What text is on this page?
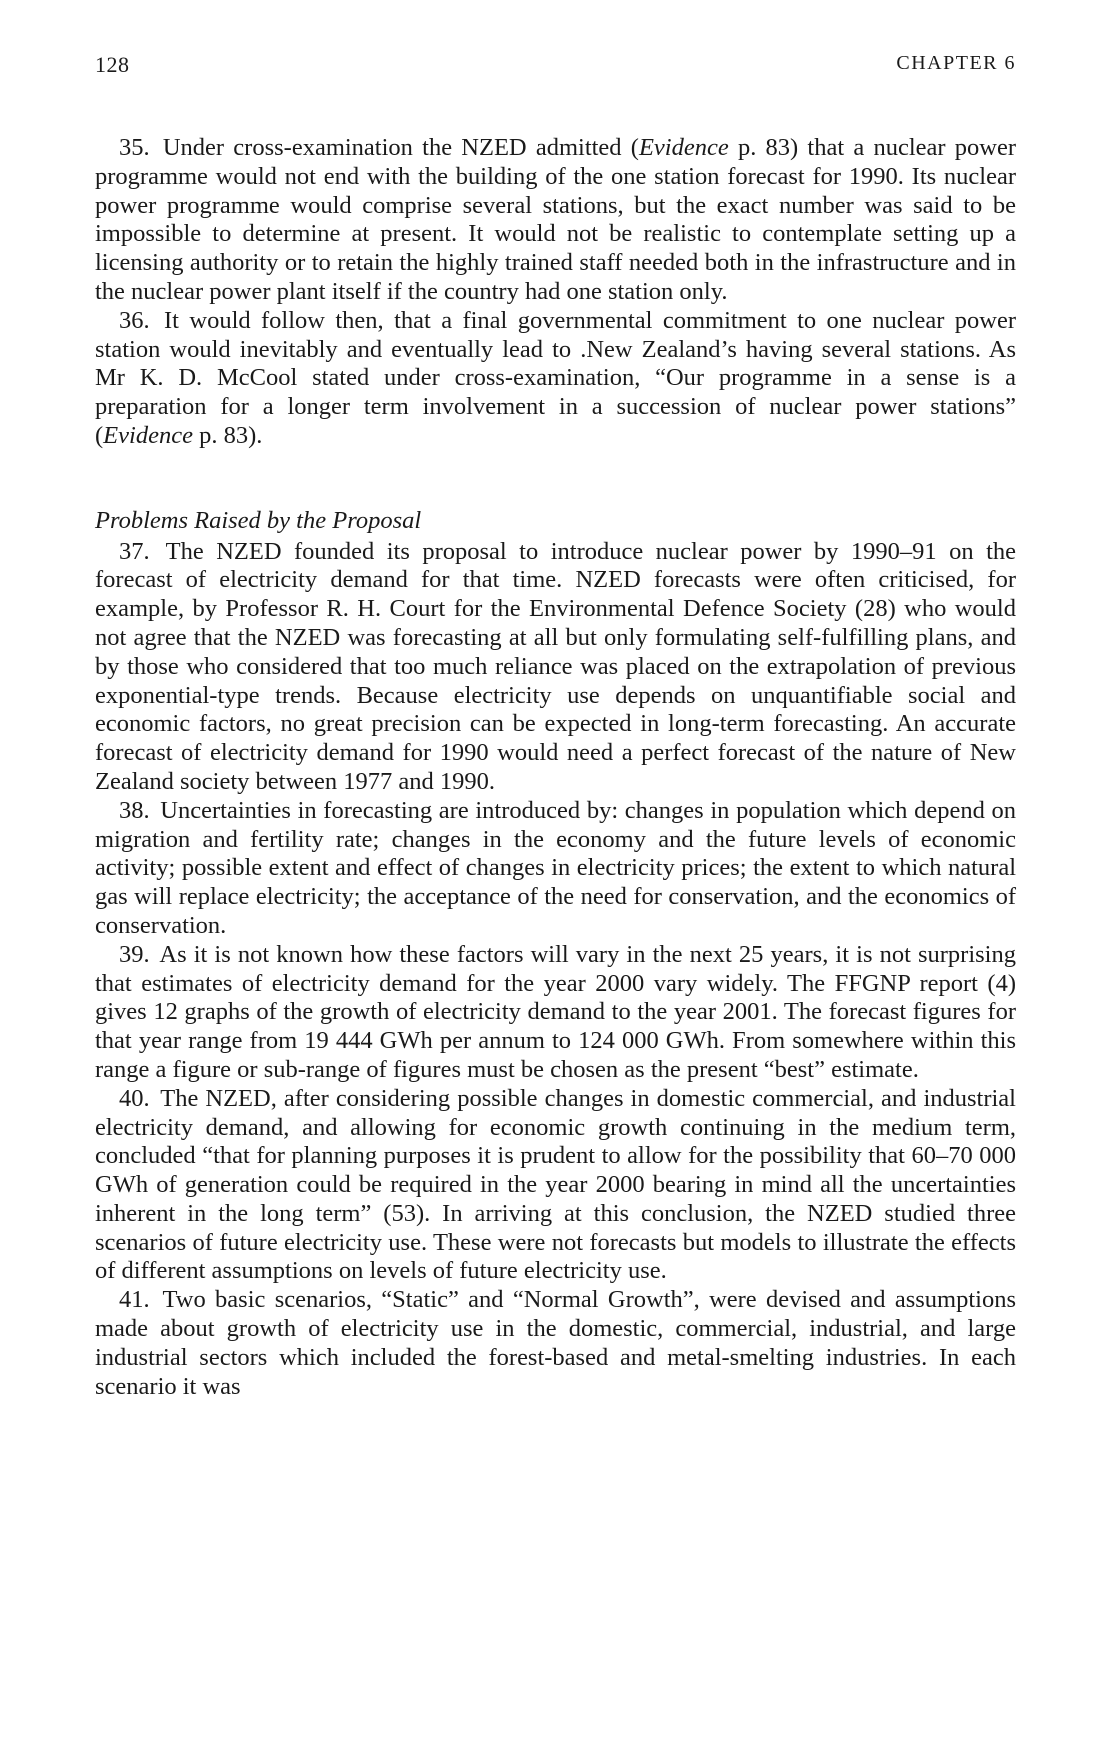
128	CHAPTER 6

35. Under cross-examination the NZED admitted (Evidence p. 83) that a nuclear power programme would not end with the building of the one station forecast for 1990. Its nuclear power programme would comprise several stations, but the exact number was said to be impossible to determine at present. It would not be realistic to contemplate setting up a licensing authority or to retain the highly trained staff needed both in the infrastructure and in the nuclear power plant itself if the country had one station only.

36. It would follow then, that a final governmental commitment to one nuclear power station would inevitably and eventually lead to .New Zealand’s having several stations. As Mr K. D. McCool stated under cross-examination, “Our programme in a sense is a preparation for a longer term involvement in a succession of nuclear power stations” (Evidence p. 83).

Problems Raised by the Proposal

37. The NZED founded its proposal to introduce nuclear power by 1990–91 on the forecast of electricity demand for that time. NZED forecasts were often criticised, for example, by Professor R. H. Court for the Environmental Defence Society (28) who would not agree that the NZED was forecasting at all but only formulating self-fulfilling plans, and by those who considered that too much reliance was placed on the extrapolation of previous exponential-type trends. Because electricity use depends on unquantifiable social and economic factors, no great precision can be expected in long-term forecasting. An accurate forecast of electricity demand for 1990 would need a perfect forecast of the nature of New Zealand society between 1977 and 1990.

38. Uncertainties in forecasting are introduced by: changes in population which depend on migration and fertility rate; changes in the economy and the future levels of economic activity; possible extent and effect of changes in electricity prices; the extent to which natural gas will replace electricity; the acceptance of the need for conservation, and the economics of conservation.

39. As it is not known how these factors will vary in the next 25 years, it is not surprising that estimates of electricity demand for the year 2000 vary widely. The FFGNP report (4) gives 12 graphs of the growth of electricity demand to the year 2001. The forecast figures for that year range from 19 444 GWh per annum to 124 000 GWh. From somewhere within this range a figure or sub-range of figures must be chosen as the present “best” estimate.

40. The NZED, after considering possible changes in domestic commercial, and industrial electricity demand, and allowing for economic growth continuing in the medium term, concluded “that for planning purposes it is prudent to allow for the possibility that 60–70 000 GWh of generation could be required in the year 2000 bearing in mind all the uncertainties inherent in the long term” (53). In arriving at this conclusion, the NZED studied three scenarios of future electricity use. These were not forecasts but models to illustrate the effects of different assumptions on levels of future electricity use.

41. Two basic scenarios, “Static” and “Normal Growth”, were devised and assumptions made about growth of electricity use in the domestic, commercial, industrial, and large industrial sectors which included the forest-based and metal-smelting industries. In each scenario it was
